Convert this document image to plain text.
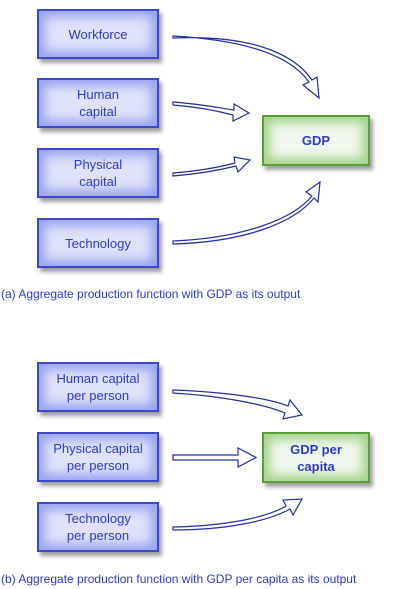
Workforce
Human
capital
Physical
capital
Technology
GDP
(a) Aggregate production function with GDP as its output
Human capital
per person
Physical capital
per person
Technology
per person
GDP per
capita
(b) Aggregate production function with GDP per capita as its output
